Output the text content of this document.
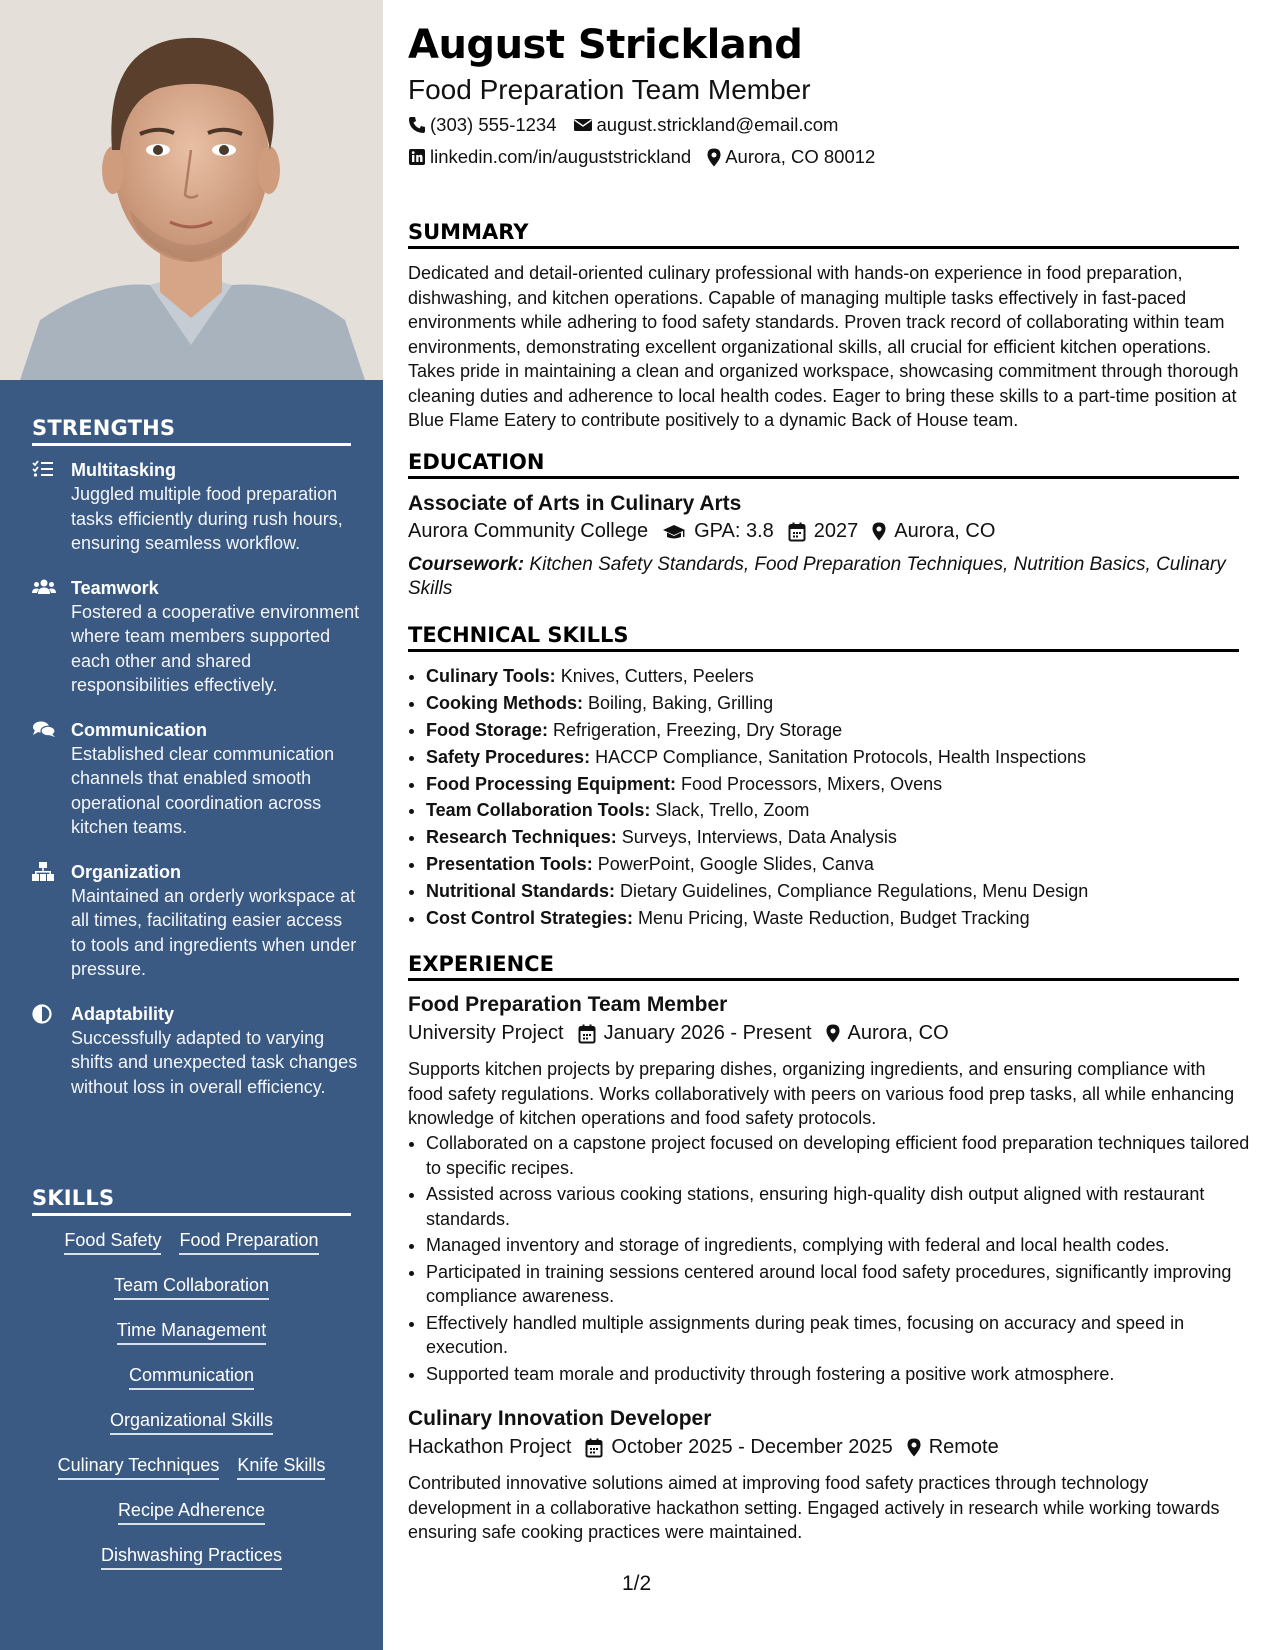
STRENGTHS
Multitasking
Juggled multiple food preparation tasks efficiently during rush hours, ensuring seamless workflow.
Teamwork
Fostered a cooperative environment where team members supported each other and shared responsibilities effectively.
Communication
Established clear communication channels that enabled smooth operational coordination across kitchen teams.
Organization
Maintained an orderly workspace at all times, facilitating easier access to tools and ingredients when under pressure.
Adaptability
Successfully adapted to varying shifts and unexpected task changes without loss in overall efficiency.
SKILLS
Food Safety Food Preparation
Team Collaboration
Time Management
Communication
Organizational Skills
Culinary Techniques Knife Skills
Recipe Adherence
Dishwashing Practices
August Strickland
Food Preparation Team Member
(303) 555-1234 august.strickland@email.com
linkedin.com/in/auguststrickland Aurora, CO 80012
SUMMARY
Dedicated and detail-oriented culinary professional with hands-on experience in food preparation, dishwashing, and kitchen operations. Capable of managing multiple tasks effectively in fast-paced environments while adhering to food safety standards. Proven track record of collaborating within team environments, demonstrating excellent organizational skills, all crucial for efficient kitchen operations. Takes pride in maintaining a clean and organized workspace, showcasing commitment through thorough cleaning duties and adherence to local health codes. Eager to bring these skills to a part-time position at Blue Flame Eatery to contribute positively to a dynamic Back of House team.
EDUCATION
Associate of Arts in Culinary Arts
Aurora Community College GPA: 3.8 2027 Aurora, CO
Coursework: Kitchen Safety Standards, Food Preparation Techniques, Nutrition Basics, Culinary Skills
TECHNICAL SKILLS
• Culinary Tools: Knives, Cutters, Peelers
• Cooking Methods: Boiling, Baking, Grilling
• Food Storage: Refrigeration, Freezing, Dry Storage
• Safety Procedures: HACCP Compliance, Sanitation Protocols, Health Inspections
• Food Processing Equipment: Food Processors, Mixers, Ovens
• Team Collaboration Tools: Slack, Trello, Zoom
• Research Techniques: Surveys, Interviews, Data Analysis
• Presentation Tools: PowerPoint, Google Slides, Canva
• Nutritional Standards: Dietary Guidelines, Compliance Regulations, Menu Design
• Cost Control Strategies: Menu Pricing, Waste Reduction, Budget Tracking
EXPERIENCE
Food Preparation Team Member
University Project January 2026 - Present Aurora, CO
Supports kitchen projects by preparing dishes, organizing ingredients, and ensuring compliance with food safety regulations. Works collaboratively with peers on various food prep tasks, all while enhancing knowledge of kitchen operations and food safety protocols.
• Collaborated on a capstone project focused on developing efficient food preparation techniques tailored to specific recipes.
• Assisted across various cooking stations, ensuring high-quality dish output aligned with restaurant standards.
• Managed inventory and storage of ingredients, complying with federal and local health codes.
• Participated in training sessions centered around local food safety procedures, significantly improving compliance awareness.
• Effectively handled multiple assignments during peak times, focusing on accuracy and speed in execution.
• Supported team morale and productivity through fostering a positive work atmosphere.
Culinary Innovation Developer
Hackathon Project October 2025 - December 2025 Remote
Contributed innovative solutions aimed at improving food safety practices through technology development in a collaborative hackathon setting. Engaged actively in research while working towards ensuring safe cooking practices were maintained.
1/2
